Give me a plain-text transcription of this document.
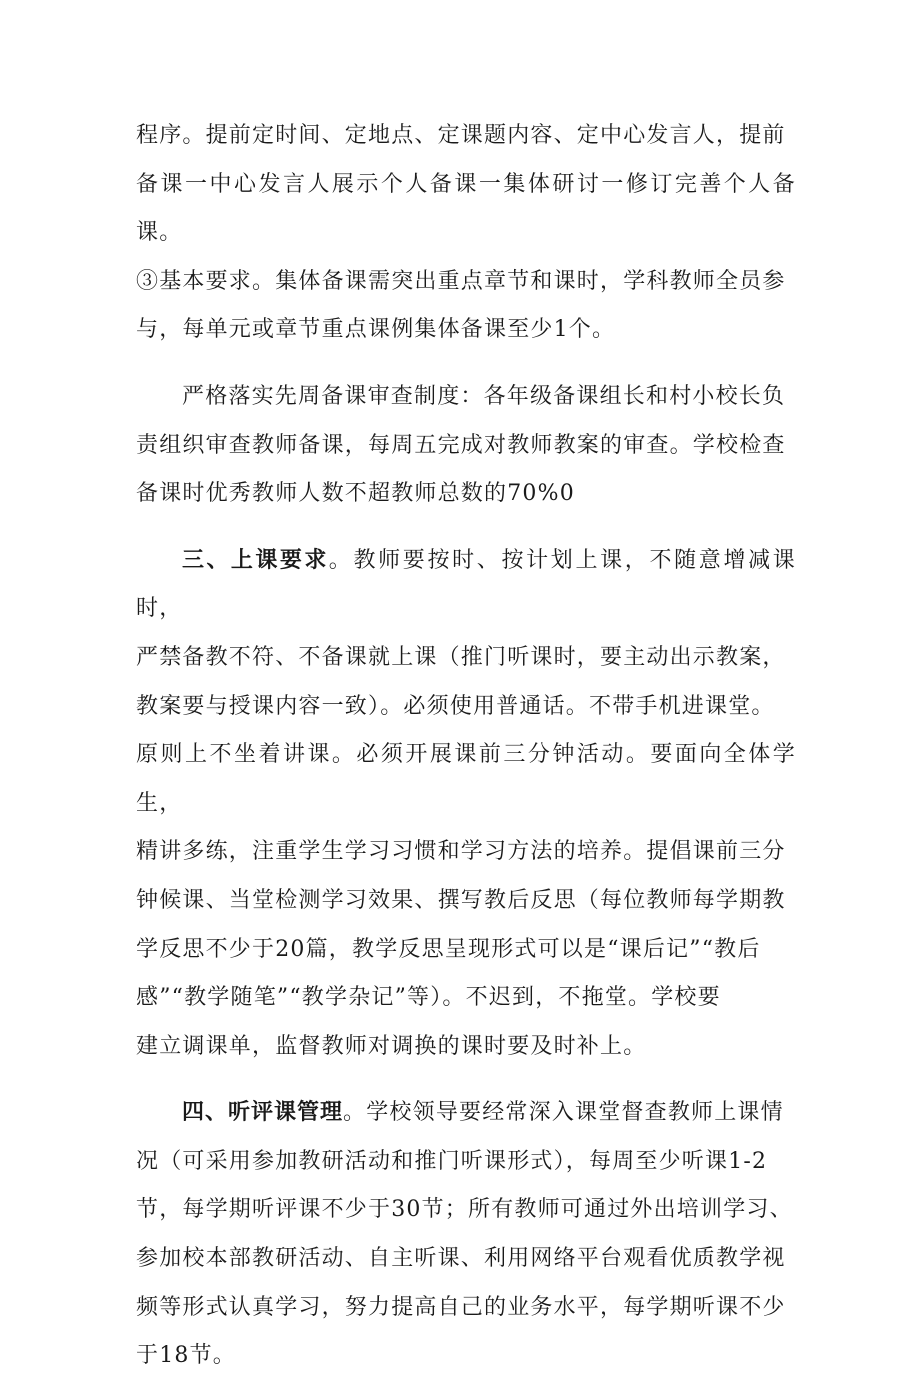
程序。提前定时间、定地点、定课题内容、定中心发言人，提前
备课一中心发言人展示个人备课一集体研讨一修订完善个人备课。
③基本要求。集体备课需突出重点章节和课时，学科教师全员参
与，每单元或章节重点课例集体备课至少1个。

严格落实先周备课审查制度：各年级备课组长和村小校长负
责组织审查教师备课，每周五完成对教师教案的审查。学校检查
备课时优秀教师人数不超教师总数的70%0

三、上课要求。教师要按时、按计划上课，不随意增减课时，
严禁备教不符、不备课就上课（推门听课时，要主动出示教案，
教案要与授课内容一致）。必须使用普通话。不带手机进课堂。
原则上不坐着讲课。必须开展课前三分钟活动。要面向全体学生，
精讲多练，注重学生学习习惯和学习方法的培养。提倡课前三分
钟候课、当堂检测学习效果、撰写教后反思（每位教师每学期教
学反思不少于20篇，教学反思呈现形式可以是“课后记”“教后
感”“教学随笔”“教学杂记”等）。不迟到，不拖堂。学校要
建立调课单，监督教师对调换的课时要及时补上。

四、听评课管理。学校领导要经常深入课堂督查教师上课情
况（可采用参加教研活动和推门听课形式），每周至少听课1-2
节，每学期听评课不少于30节；所有教师可通过外出培训学习、
参加校本部教研活动、自主听课、利用网络平台观看优质教学视
频等形式认真学习，努力提高自己的业务水平，每学期听课不少
于18节。
